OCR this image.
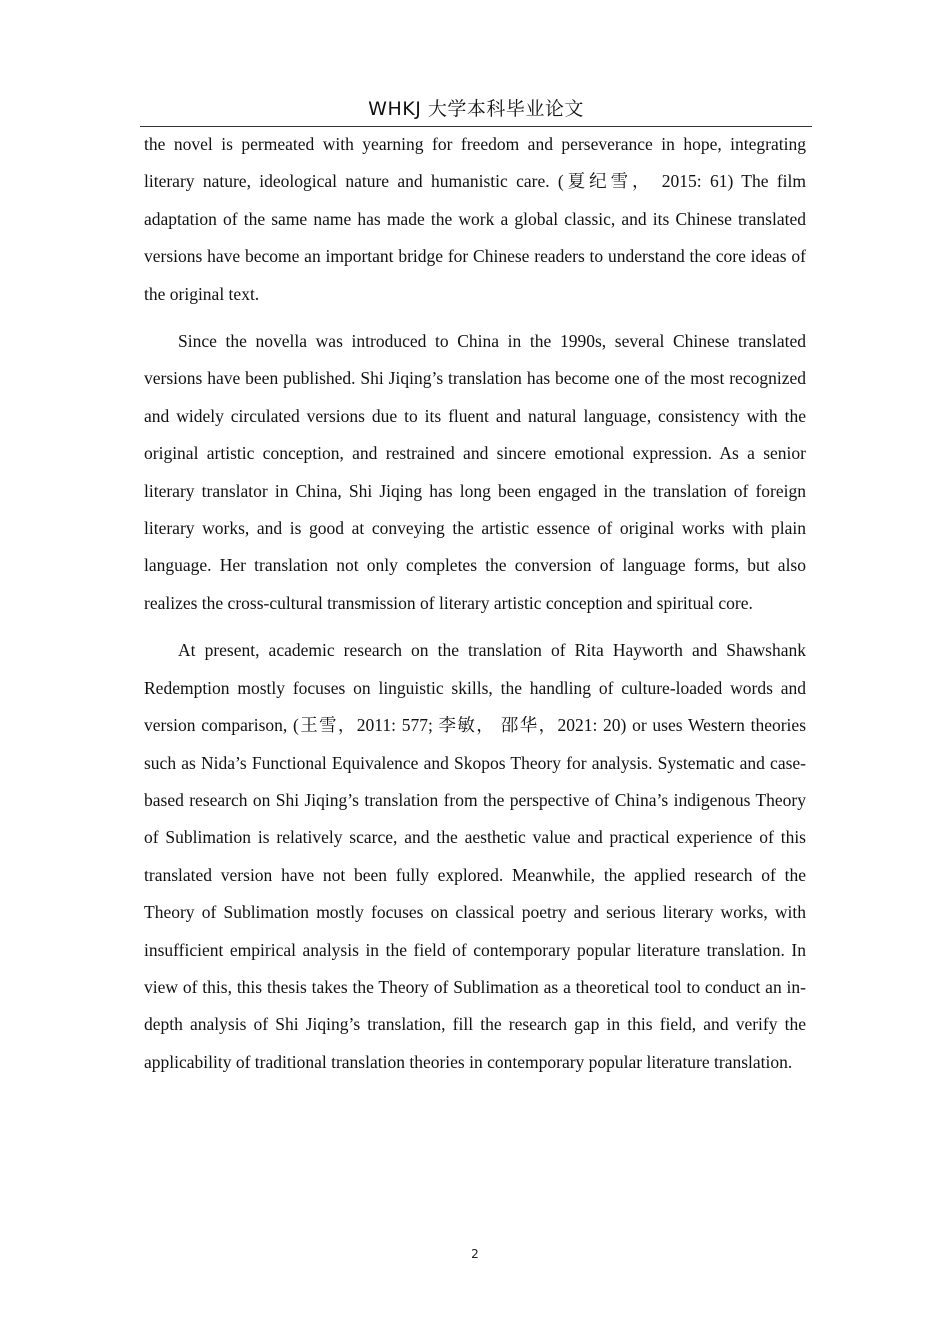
WHKJ 大学本科毕业论文

the novel is permeated with yearning for freedom and perseverance in hope, integrating literary nature, ideological nature and humanistic care. (夏纪雪， 2015: 61) The film adaptation of the same name has made the work a global classic, and its Chinese translated versions have become an important bridge for Chinese readers to understand the core ideas of the original text.

Since the novella was introduced to China in the 1990s, several Chinese translated versions have been published. Shi Jiqing’s translation has become one of the most recognized and widely circulated versions due to its fluent and natural language, consistency with the original artistic conception, and restrained and sincere emotional expression. As a senior literary translator in China, Shi Jiqing has long been engaged in the translation of foreign literary works, and is good at conveying the artistic essence of original works with plain language. Her translation not only completes the conversion of language forms, but also realizes the cross-cultural transmission of literary artistic conception and spiritual core.

At present, academic research on the translation of Rita Hayworth and Shawshank Redemption mostly focuses on linguistic skills, the handling of culture-loaded words and version comparison, (王雪，2011: 577; 李敏， 邵华，2021: 20) or uses Western theories such as Nida’s Functional Equivalence and Skopos Theory for analysis. Systematic and case-based research on Shi Jiqing’s translation from the perspective of China’s indigenous Theory of Sublimation is relatively scarce, and the aesthetic value and practical experience of this translated version have not been fully explored. Meanwhile, the applied research of the Theory of Sublimation mostly focuses on classical poetry and serious literary works, with insufficient empirical analysis in the field of contemporary popular literature translation. In view of this, this thesis takes the Theory of Sublimation as a theoretical tool to conduct an in-depth analysis of Shi Jiqing’s translation, fill the research gap in this field, and verify the applicability of traditional translation theories in contemporary popular literature translation.

2
